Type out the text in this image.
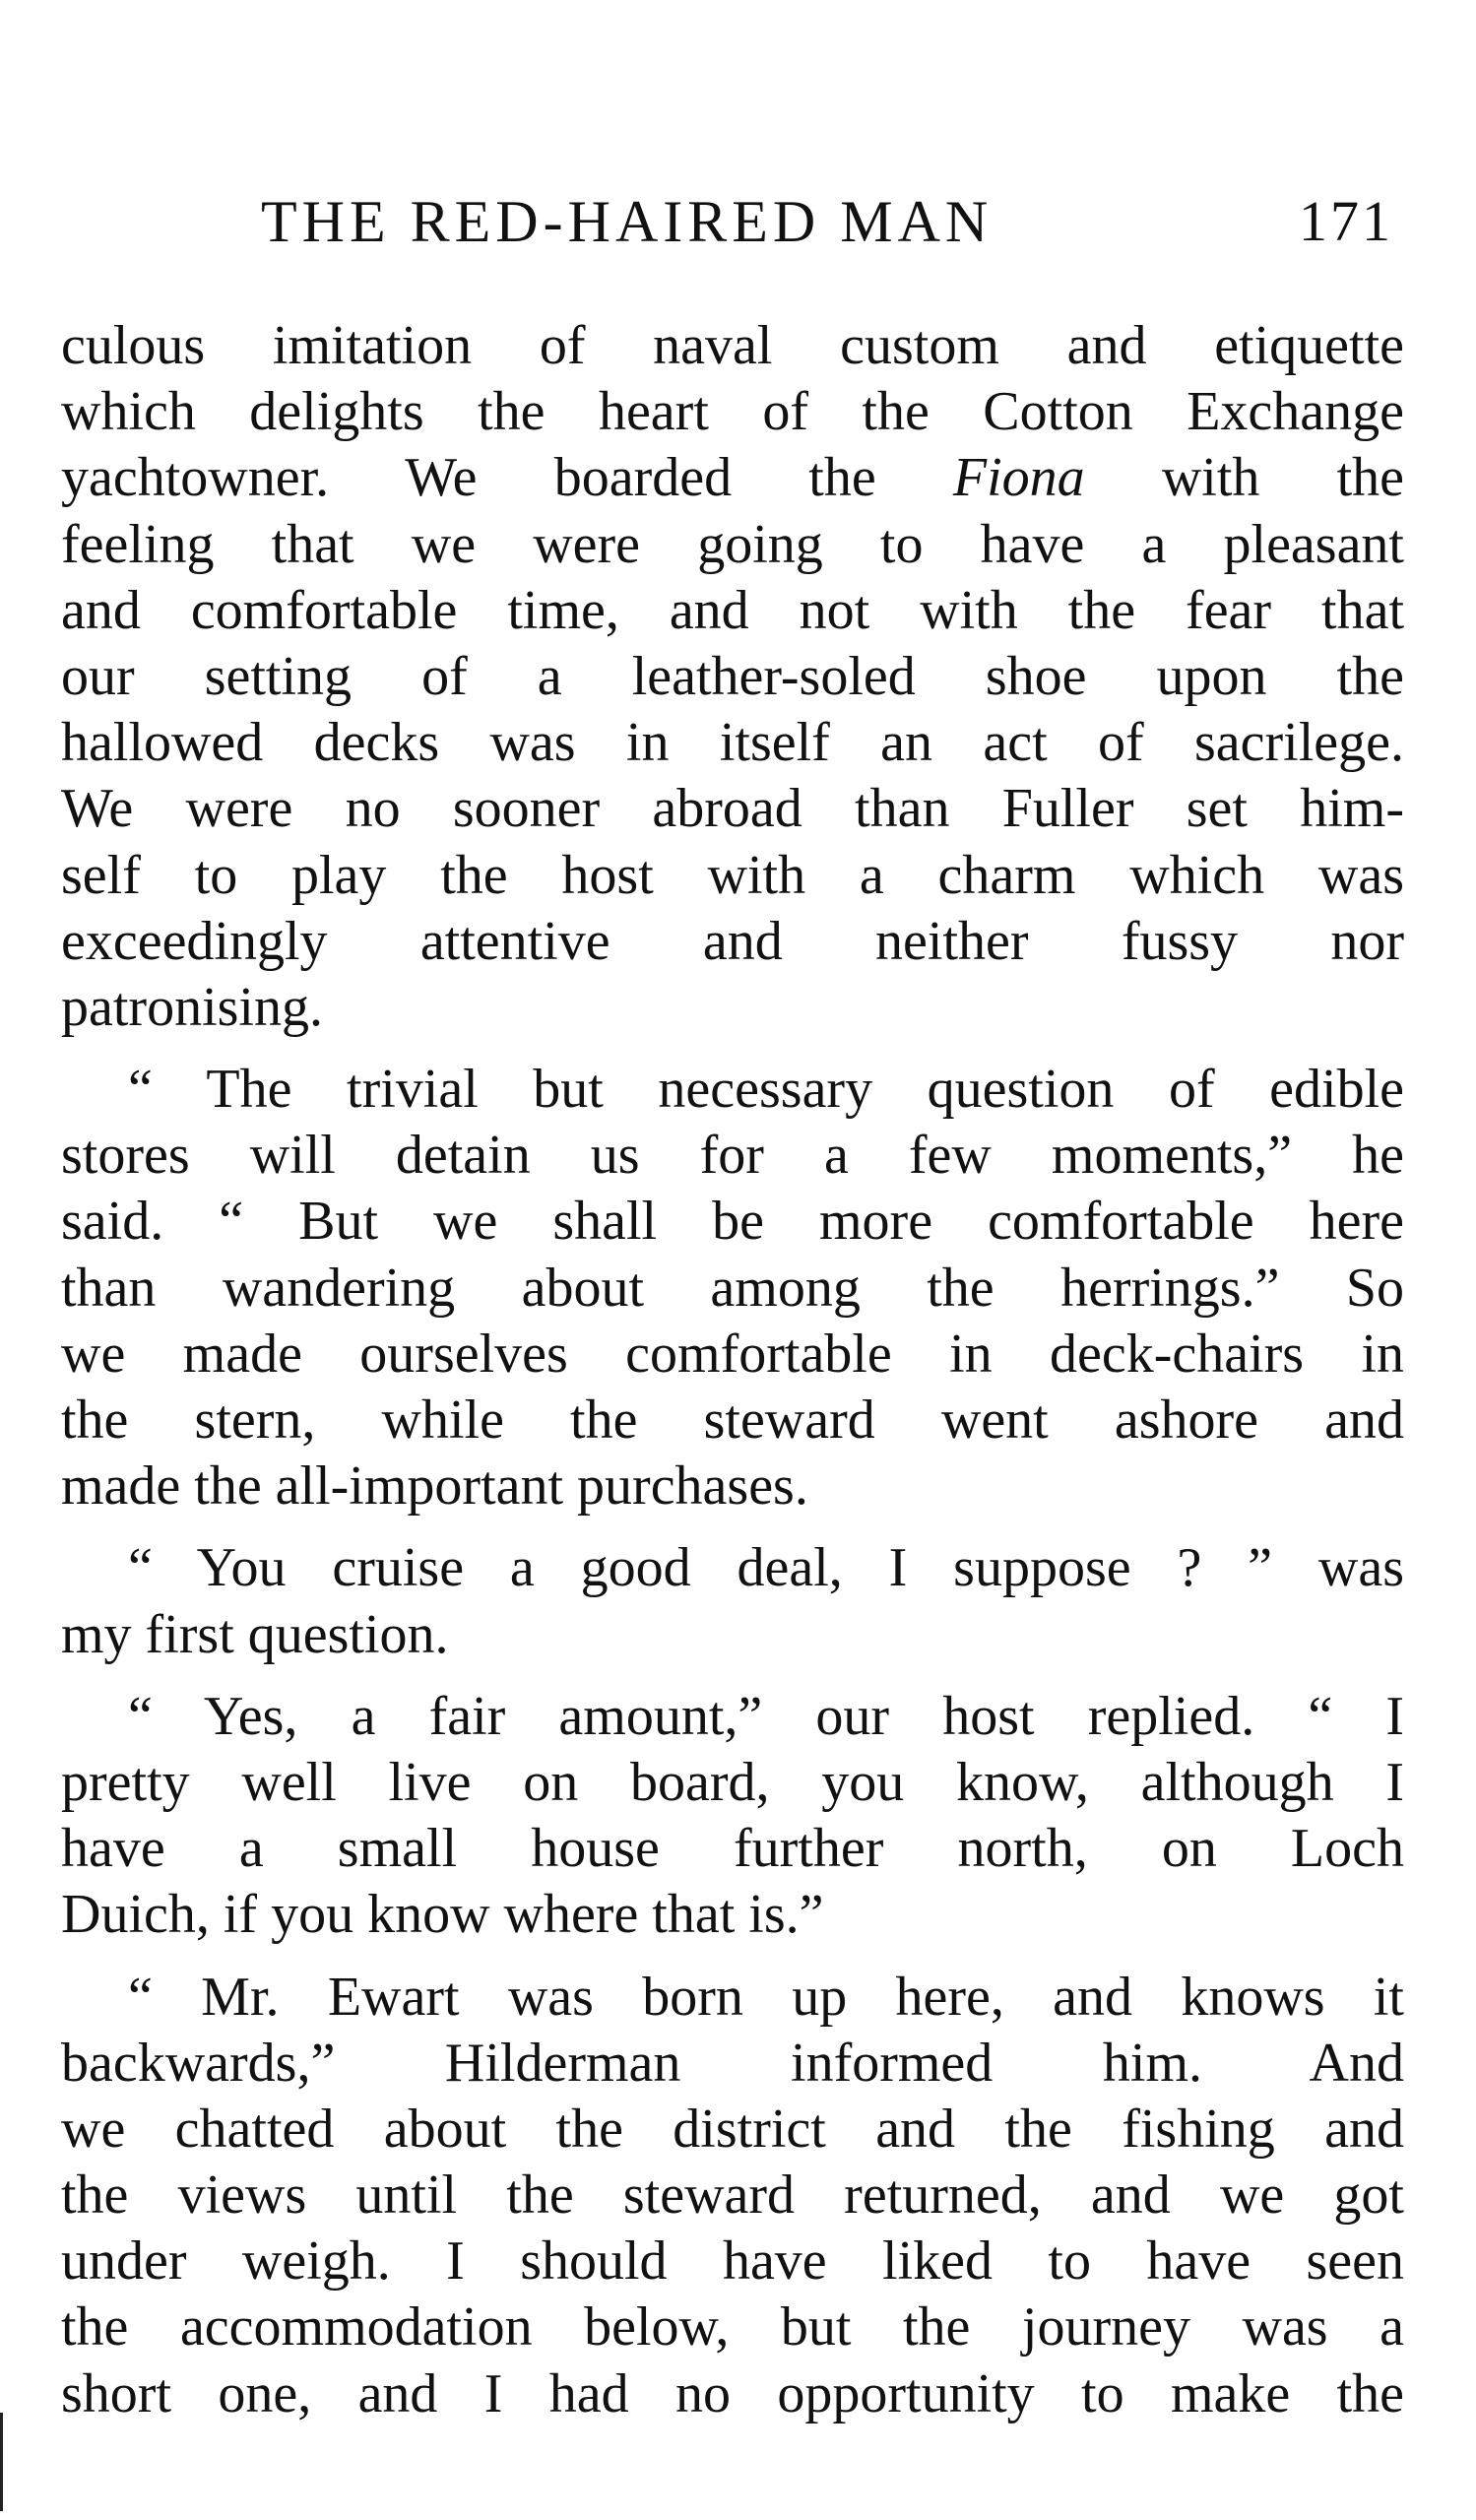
THE RED-HAIRED MAN	171
culous imitation of naval custom and etiquette
which delights the heart of the Cotton Exchange
yachtowner. We boarded the Fiona with the
feeling that we were going to have a pleasant
and comfortable time, and not with the fear that
our setting of a leather-soled shoe upon the
hallowed decks was in itself an act of sacrilege.
We were no sooner abroad than Fuller set him-
self to play the host with a charm which was
exceedingly attentive and neither fussy nor
patronising.
“ The trivial but necessary question of edible
stores will detain us for a few moments,” he
said. “ But we shall be more comfortable here
than wandering about among the herrings.” So
we made ourselves comfortable in deck-chairs in
the stern, while the steward went ashore and
made the all-important purchases.
“ You cruise a good deal, I suppose ? ” was
my first question.
“ Yes, a fair amount,” our host replied. “ I
pretty well live on board, you know, although I
have a small house further north, on Loch
Duich, if you know where that is.”
“ Mr. Ewart was born up here, and knows it
backwards,” Hilderman informed him. And
we chatted about the district and the fishing and
the views until the steward returned, and we got
under weigh. I should have liked to have seen
the accommodation below, but the journey was a
short one, and I had no opportunity to make the
